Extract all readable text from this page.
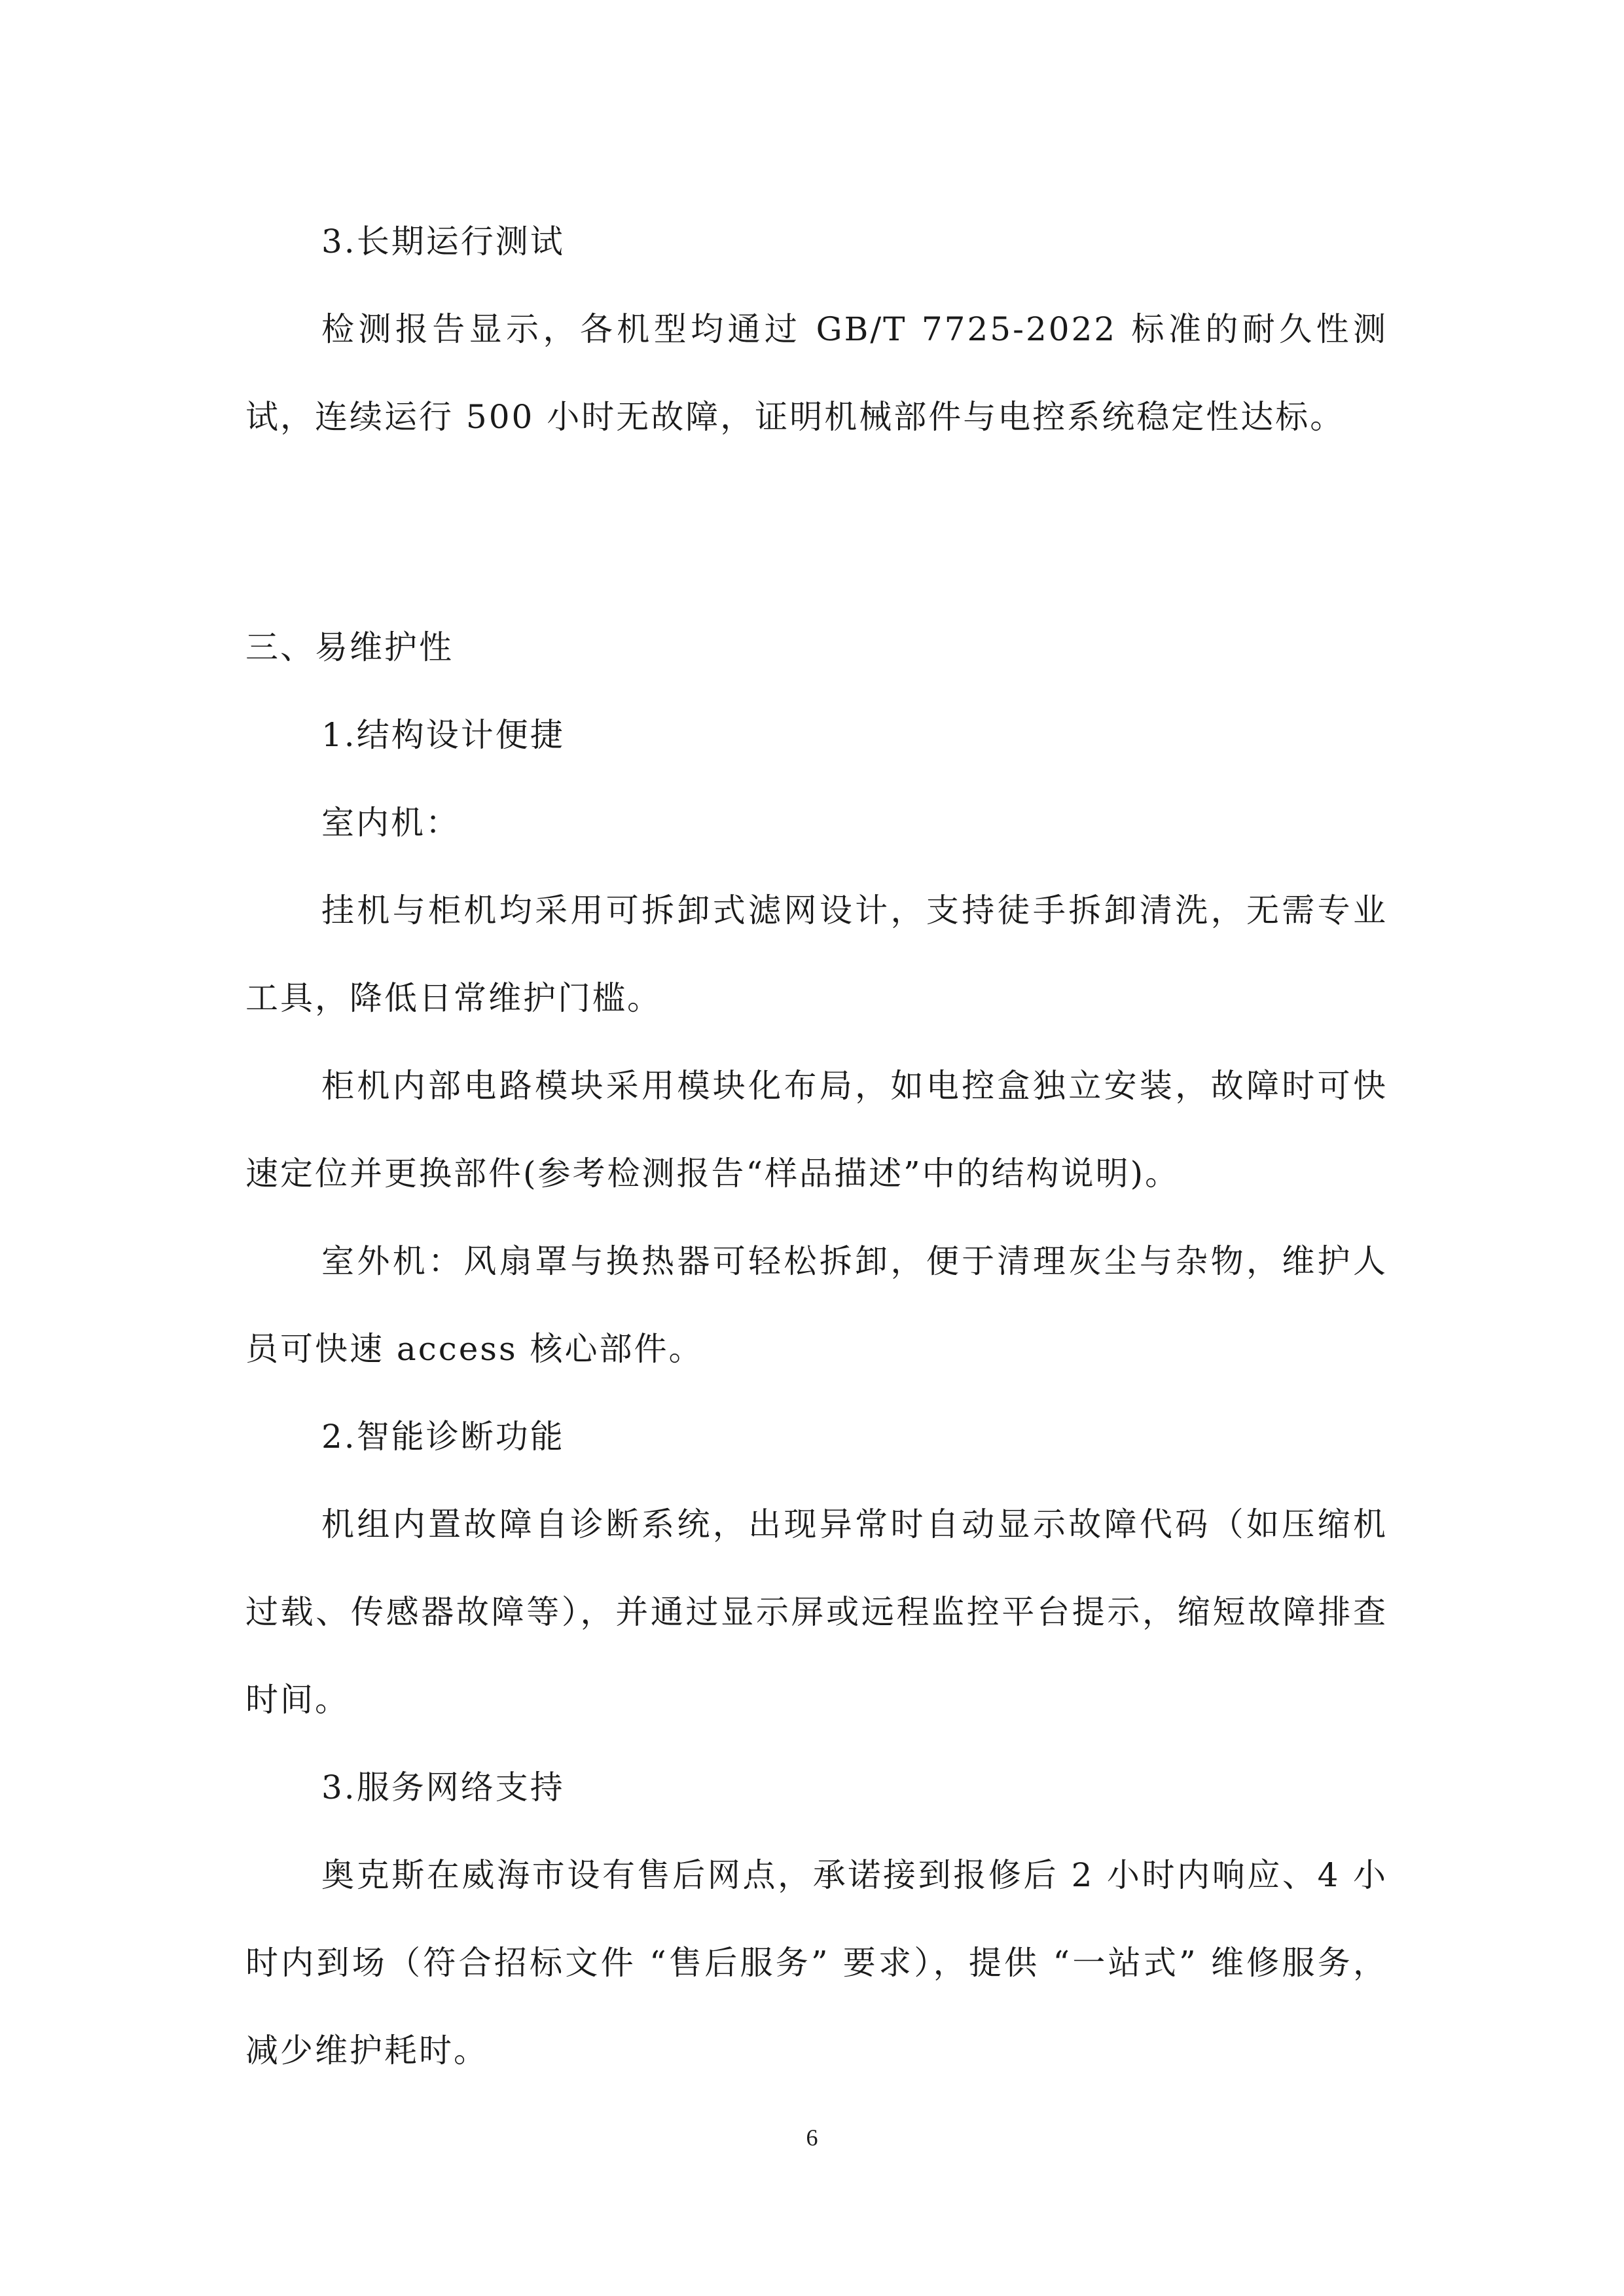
3.长期运行测试

检测报告显示，各机型均通过 GB/T 7725-2022 标准的耐久性测试，连续运行 500 小时无故障，证明机械部件与电控系统稳定性达标。

三、易维护性

1.结构设计便捷

室内机：

挂机与柜机均采用可拆卸式滤网设计，支持徒手拆卸清洗，无需专业工具，降低日常维护门槛。

柜机内部电路模块采用模块化布局，如电控盒独立安装，故障时可快速定位并更换部件(参考检测报告“样品描述”中的结构说明)。

室外机：风扇罩与换热器可轻松拆卸，便于清理灰尘与杂物，维护人员可快速 access 核心部件。

2.智能诊断功能

机组内置故障自诊断系统，出现异常时自动显示故障代码（如压缩机过载、传感器故障等），并通过显示屏或远程监控平台提示，缩短故障排查时间。

3.服务网络支持

奥克斯在威海市设有售后网点，承诺接到报修后 2 小时内响应、4 小时内到场（符合招标文件 “售后服务” 要求），提供 “一站式” 维修服务，减少维护耗时。

6
